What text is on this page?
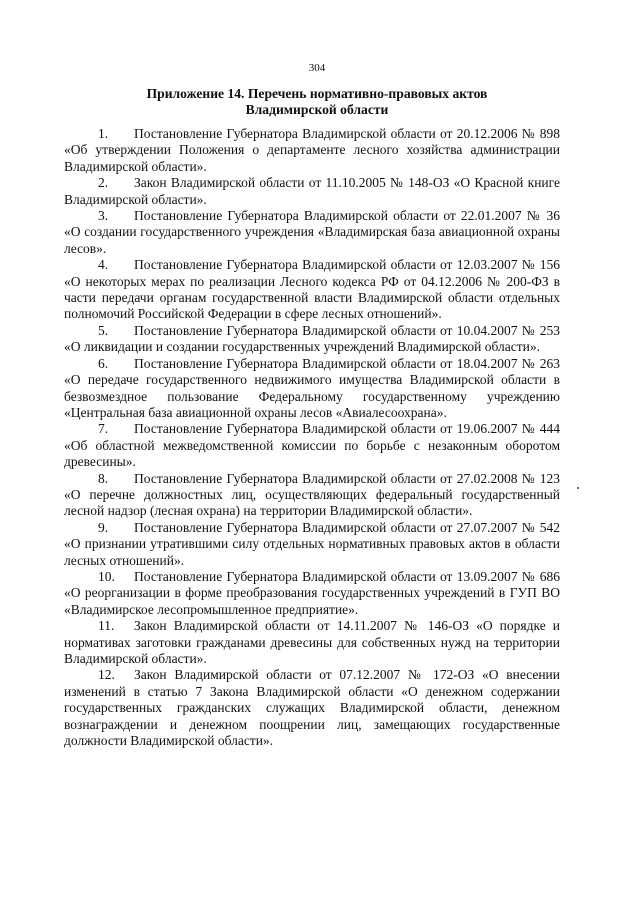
304
Приложение 14. Перечень нормативно-правовых актов
Владимирской области

1. Постановление Губернатора Владимирской области от 20.12.2006 № 898 «Об утверждении Положения о департаменте лесного хозяйства администрации Владимирской области».

2. Закон Владимирской области от 11.10.2005 № 148-ОЗ «О Красной книге Владимирской области».

3. Постановление Губернатора Владимирской области от 22.01.2007 № 36 «О создании государственного учреждения «Владимирская база авиационной охраны лесов».

4. Постановление Губернатора Владимирской области от 12.03.2007 № 156 «О некоторых мерах по реализации Лесного кодекса РФ от 04.12.2006 № 200-ФЗ в части передачи органам государственной власти Владимирской области отдельных полномочий Российской Федерации в сфере лесных отношений».

5. Постановление Губернатора Владимирской области от 10.04.2007 № 253 «О ликвидации и создании государственных учреждений Владимирской области».

6. Постановление Губернатора Владимирской области от 18.04.2007 № 263 «О передаче государственного недвижимого имущества Владимирской области в безвозмездное пользование Федеральному государственному учреждению «Центральная база авиационной охраны лесов «Авиалесоохрана».

7. Постановление Губернатора Владимирской области от 19.06.2007 № 444 «Об областной межведомственной комиссии по борьбе с незаконным оборотом древесины».

8. Постановление Губернатора Владимирской области от 27.02.2008 № 123 «О перечне должностных лиц, осуществляющих федеральный государственный лесной надзор (лесная охрана) на территории Владимирской области».

9. Постановление Губернатора Владимирской области от 27.07.2007 № 542 «О признании утратившими силу отдельных нормативных правовых актов в области лесных отношений».

10. Постановление Губернатора Владимирской области от 13.09.2007 № 686 «О реорганизации в форме преобразования государственных учреждений в ГУП ВО «Владимирское лесопромышленное предприятие».

11. Закон Владимирской области от 14.11.2007 № 146-ОЗ «О порядке и нормативах заготовки гражданами древесины для собственных нужд на территории Владимирской области».

12. Закон Владимирской области от 07.12.2007 № 172-ОЗ «О внесении изменений в статью 7 Закона Владимирской области «О денежном содержании государственных гражданских служащих Владимирской области, денежном вознаграждении и денежном поощрении лиц, замещающих государственные должности Владимирской области».
